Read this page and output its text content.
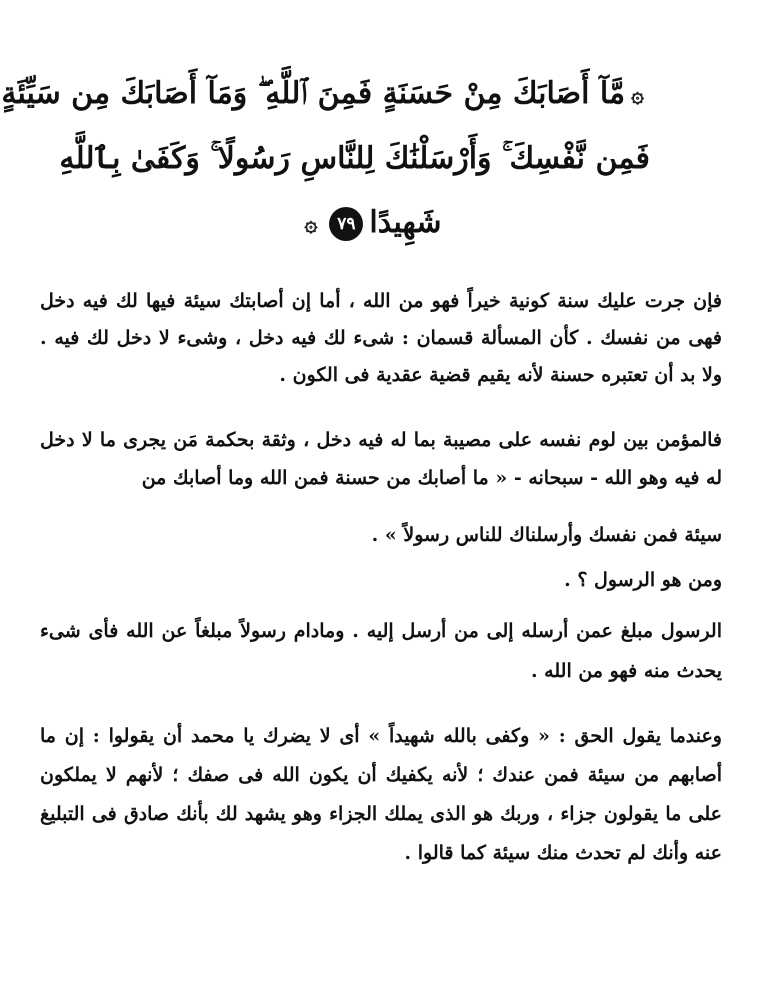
۞مَّآ أَصَابَكَ مِنْ حَسَنَةٍ فَمِنَ ٱللَّهِ ۖ وَمَآ أَصَابَكَ مِن سَيِّئَةٍ
فَمِن نَّفْسِكَ ۚ وَأَرْسَلْنَٰكَ لِلنَّاسِ رَسُولًا ۚ وَكَفَىٰ بِٱللَّهِ
شَهِيدًا٧٩۞

فإن جرت عليك سنة كونية خيراً فهو من الله ، أما إن أصابتك سيئة فيها لك فيه دخل فهى من نفسك . كأن المسألة قسمان : شىء لك فيه دخل ، وشىء لا دخل لك فيه . ولا بد أن تعتبره حسنة لأنه يقيم قضية عقدية فى الكون .

فالمؤمن بين لوم نفسه على مصيبة بما له فيه دخل ، وثقة بحكمة مَن يجرى ما لا دخل له فيه وهو الله - سبحانه - « ما أصابك من حسنة فمن الله وما أصابك من

سيئة فمن نفسك وأرسلناك للناس رسولاً » .

ومن هو الرسول ؟ .

الرسول مبلغ عمن أرسله إلى من أرسل إليه . ومادام رسولاً مبلغاً عن الله فأى شىء يحدث منه فهو من الله .

وعندما يقول الحق : « وكفى بالله شهيداً » أى لا يضرك يا محمد أن يقولوا : إن ما أصابهم من سيئة فمن عندك ؛ لأنه يكفيك أن يكون الله فى صفك ؛ لأنهم لا يملكون على ما يقولون جزاء ، وربك هو الذى يملك الجزاء وهو يشهد لك بأنك صادق فى التبليغ عنه وأنك لم تحدث منك سيئة كما قالوا .
